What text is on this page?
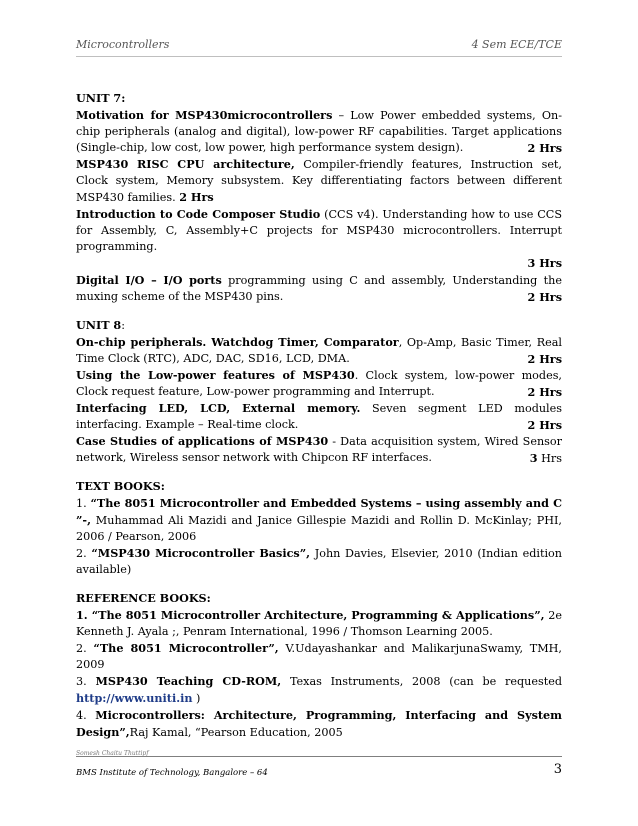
Microcontrollers	4 Sem ECE/TCE

UNIT 7:

Motivation for MSP430microcontrollers – Low Power embedded systems, On-chip peripherals (analog and digital), low-power RF capabilities. Target applications (Single-chip, low cost, low power, high performance system design).	2 Hrs

MSP430 RISC CPU architecture, Compiler-friendly features, Instruction set, Clock system, Memory subsystem. Key differentiating factors between different MSP430 families. 2 Hrs

Introduction to Code Composer Studio (CCS v4). Understanding how to use CCS for Assembly, C, Assembly+C projects for MSP430 microcontrollers. Interrupt programming.

3 Hrs

Digital I/O – I/O ports programming using C and assembly, Understanding the muxing scheme of the MSP430 pins.	2 Hrs

UNIT 8:

On-chip peripherals. Watchdog Timer, Comparator, Op-Amp, Basic Timer, Real Time Clock (RTC), ADC, DAC, SD16, LCD, DMA.	2 Hrs

Using the Low-power features of MSP430. Clock system, low-power modes, Clock request feature, Low-power programming and Interrupt.	2 Hrs

Interfacing LED, LCD, External memory. Seven segment LED modules interfacing. Example – Real-time clock.	2 Hrs

Case Studies of applications of MSP430 - Data acquisition system, Wired Sensor network, Wireless sensor network with Chipcon RF interfaces.	3 Hrs

TEXT BOOKS:

1. “The 8051 Microcontroller and Embedded Systems – using assembly and C ”-, Muhammad Ali Mazidi and Janice Gillespie Mazidi and Rollin D. McKinlay; PHI, 2006 / Pearson, 2006

2. “MSP430 Microcontroller Basics”, John Davies, Elsevier, 2010 (Indian edition available)

REFERENCE BOOKS:

1. “The 8051 Microcontroller Architecture, Programming & Applications”, 2e Kenneth J. Ayala ;, Penram International, 1996 / Thomson Learning 2005.

2. “The 8051 Microcontroller”, V.Udayashankar and MalikarjunaSwamy, TMH, 2009

3. MSP430 Teaching CD-ROM, Texas Instruments, 2008 (can be requested http://www.uniti.in )

4. Microcontrollers: Architecture, Programming, Interfacing and System Design”,Raj Kamal, “Pearson Education, 2005

Somesh Chaitu Thuttipf
BMS Institute of Technology, Bangalore – 64	3
